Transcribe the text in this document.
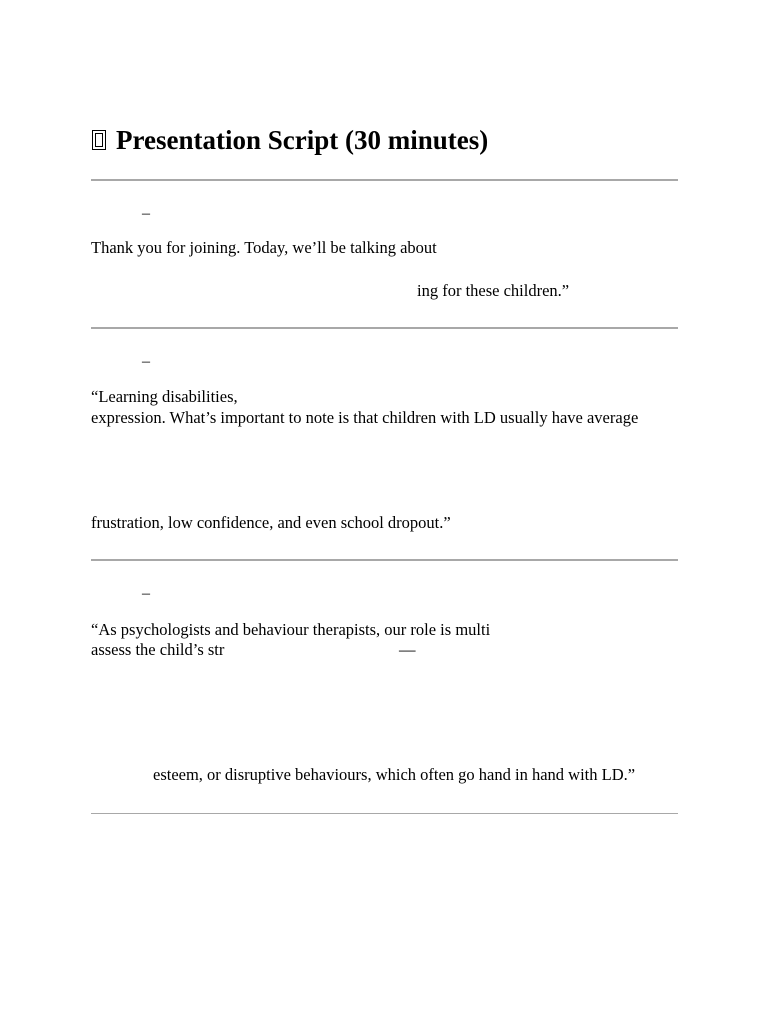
Presentation Script (30 minutes)
–
Thank you for joining. Today, we’ll be talking about
ing for these children.”
–
“Learning disabilities,
expression. What’s important to note is that children with LD usually have average
frustration, low confidence, and even school dropout.”
–
“As psychologists and behaviour therapists, our role is multi
assess the child’s str	—
esteem, or disruptive behaviours, which often go hand in hand with LD.”
